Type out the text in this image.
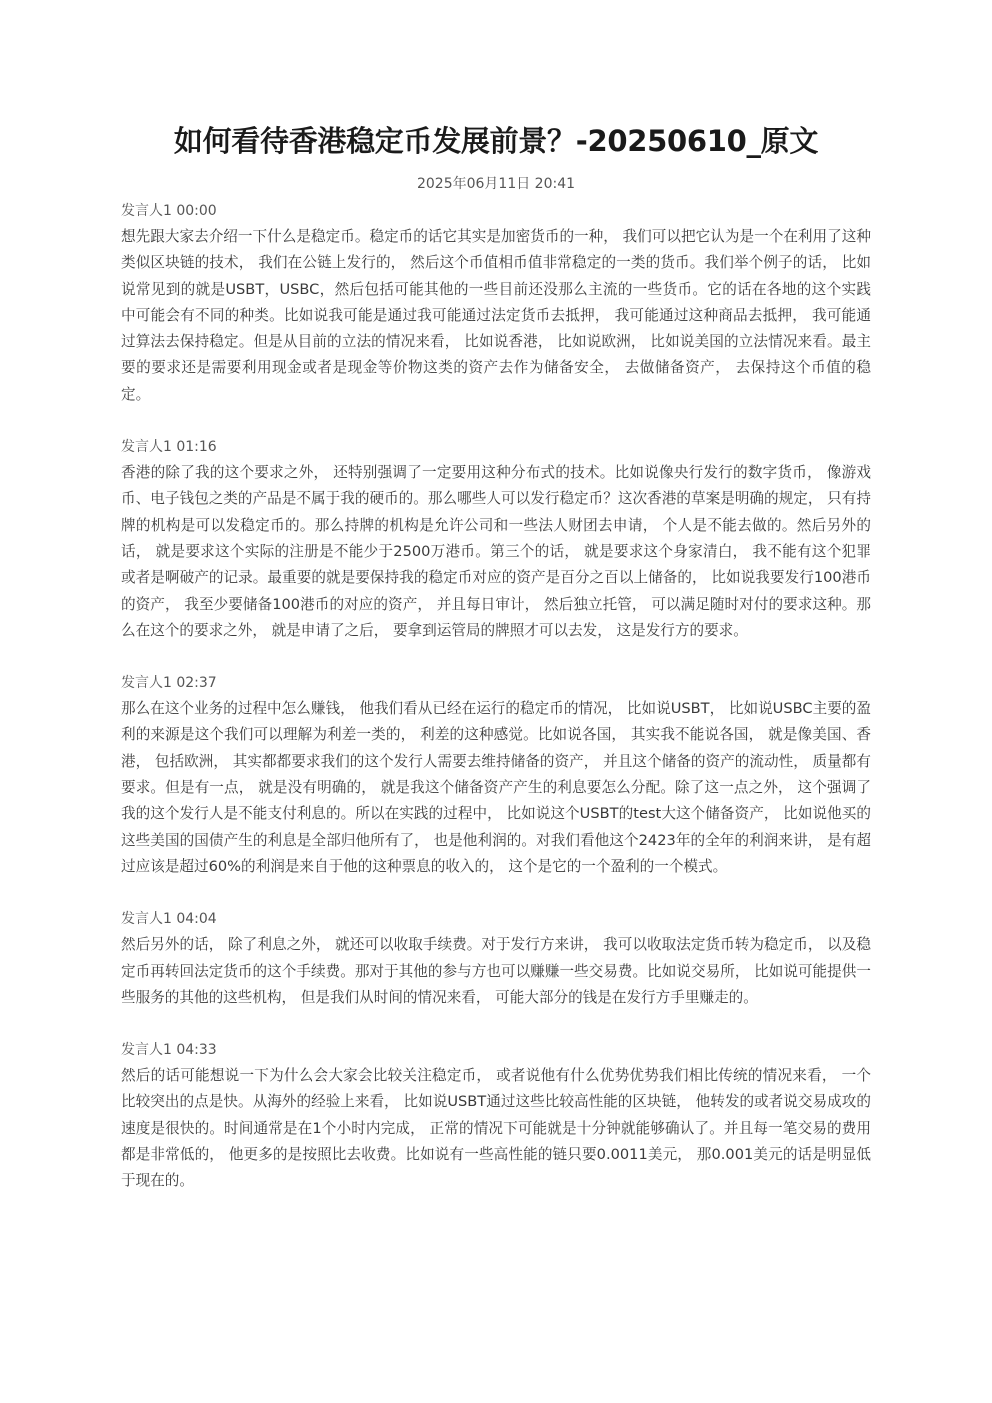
如何看待香港稳定币发展前景？-20250610_原文
2025年06月11日 20:41
发言人1 00:00

想先跟大家去介绍一下什么是稳定币。稳定币的话它其实是加密货币的一种， 我们可以把它认为是一个在利用了这种类似区块链的技术， 我们在公链上发行的， 然后这个币值相币值非常稳定的一类的货币。我们举个例子的话， 比如说常见到的就是USBT，USBC，然后包括可能其他的一些目前还没那么主流的一些货币。它的话在各地的这个实践中可能会有不同的种类。比如说我可能是通过我可能通过法定货币去抵押， 我可能通过这种商品去抵押， 我可能通过算法去保持稳定。但是从目前的立法的情况来看， 比如说香港， 比如说欧洲， 比如说美国的立法情况来看。最主要的要求还是需要利用现金或者是现金等价物这类的资产去作为储备安全， 去做储备资产， 去保持这个币值的稳定。

发言人1 01:16

香港的除了我的这个要求之外， 还特别强调了一定要用这种分布式的技术。比如说像央行发行的数字货币， 像游戏币、电子钱包之类的产品是不属于我的硬币的。那么哪些人可以发行稳定币？这次香港的草案是明确的规定， 只有持牌的机构是可以发稳定币的。那么持牌的机构是允许公司和一些法人财团去申请， 个人是不能去做的。然后另外的话， 就是要求这个实际的注册是不能少于2500万港币。第三个的话， 就是要求这个身家清白， 我不能有这个犯罪或者是啊破产的记录。最重要的就是要保持我的稳定币对应的资产是百分之百以上储备的， 比如说我要发行100港币的资产， 我至少要储备100港币的对应的资产， 并且每日审计， 然后独立托管， 可以满足随时对付的要求这种。那么在这个的要求之外， 就是申请了之后， 要拿到运管局的牌照才可以去发， 这是发行方的要求。

发言人1 02:37

那么在这个业务的过程中怎么赚钱， 他我们看从已经在运行的稳定币的情况， 比如说USBT， 比如说USBC主要的盈利的来源是这个我们可以理解为利差一类的， 利差的这种感觉。比如说各国， 其实我不能说各国， 就是像美国、香港， 包括欧洲， 其实都都要求我们的这个发行人需要去维持储备的资产， 并且这个储备的资产的流动性， 质量都有要求。但是有一点， 就是没有明确的， 就是我这个储备资产产生的利息要怎么分配。除了这一点之外， 这个强调了我的这个发行人是不能支付利息的。所以在实践的过程中， 比如说这个USBT的test大这个储备资产， 比如说他买的这些美国的国债产生的利息是全部归他所有了， 也是他利润的。对我们看他这个2423年的全年的利润来讲， 是有超过应该是超过60%的利润是来自于他的这种票息的收入的， 这个是它的一个盈利的一个模式。

发言人1 04:04

然后另外的话， 除了利息之外， 就还可以收取手续费。对于发行方来讲， 我可以收取法定货币转为稳定币， 以及稳定币再转回法定货币的这个手续费。那对于其他的参与方也可以赚赚一些交易费。比如说交易所， 比如说可能提供一些服务的其他的这些机构， 但是我们从时间的情况来看， 可能大部分的钱是在发行方手里赚走的。

发言人1 04:33

然后的话可能想说一下为什么会大家会比较关注稳定币， 或者说他有什么优势优势我们相比传统的情况来看， 一个比较突出的点是快。从海外的经验上来看， 比如说USBT通过这些比较高性能的区块链， 他转发的或者说交易成攻的速度是很快的。时间通常是在1个小时内完成， 正常的情况下可能就是十分钟就能够确认了。并且每一笔交易的费用都是非常低的， 他更多的是按照比去收费。比如说有一些高性能的链只要0.0011美元， 那0.001美元的话是明显低于现在的。
